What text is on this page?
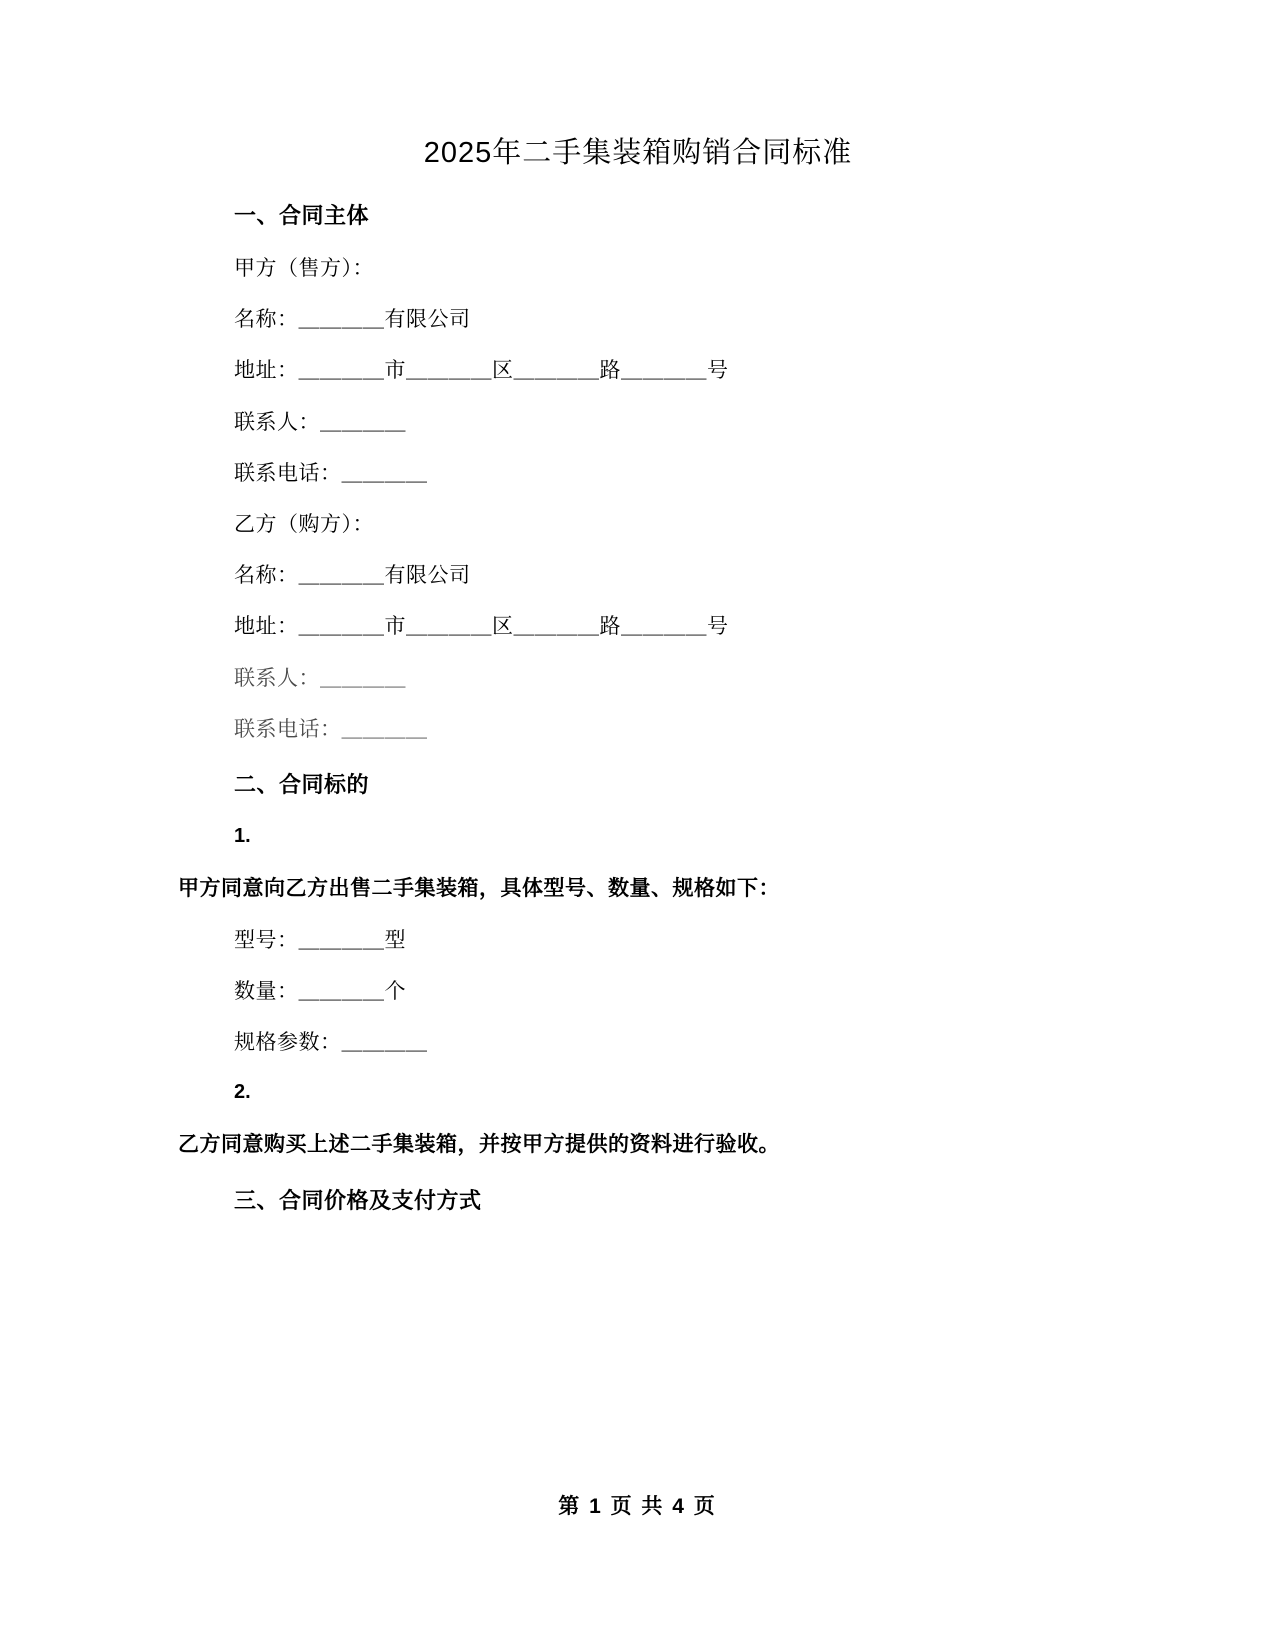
2025年二手集装箱购销合同标准
一、合同主体
甲方（售方）：
名称：＿＿＿＿有限公司
地址：＿＿＿＿市＿＿＿＿区＿＿＿＿路＿＿＿＿号
联系人：＿＿＿＿
联系电话：＿＿＿＿
乙方（购方）：
名称：＿＿＿＿有限公司
地址：＿＿＿＿市＿＿＿＿区＿＿＿＿路＿＿＿＿号
联系人：＿＿＿＿
联系电话：＿＿＿＿
二、合同标的
1.
甲方同意向乙方出售二手集装箱，具体型号、数量、规格如下：
型号：＿＿＿＿型
数量：＿＿＿＿个
规格参数：＿＿＿＿
2.
乙方同意购买上述二手集装箱，并按甲方提供的资料进行验收。
三、合同价格及支付方式
第 1 页 共 4 页
